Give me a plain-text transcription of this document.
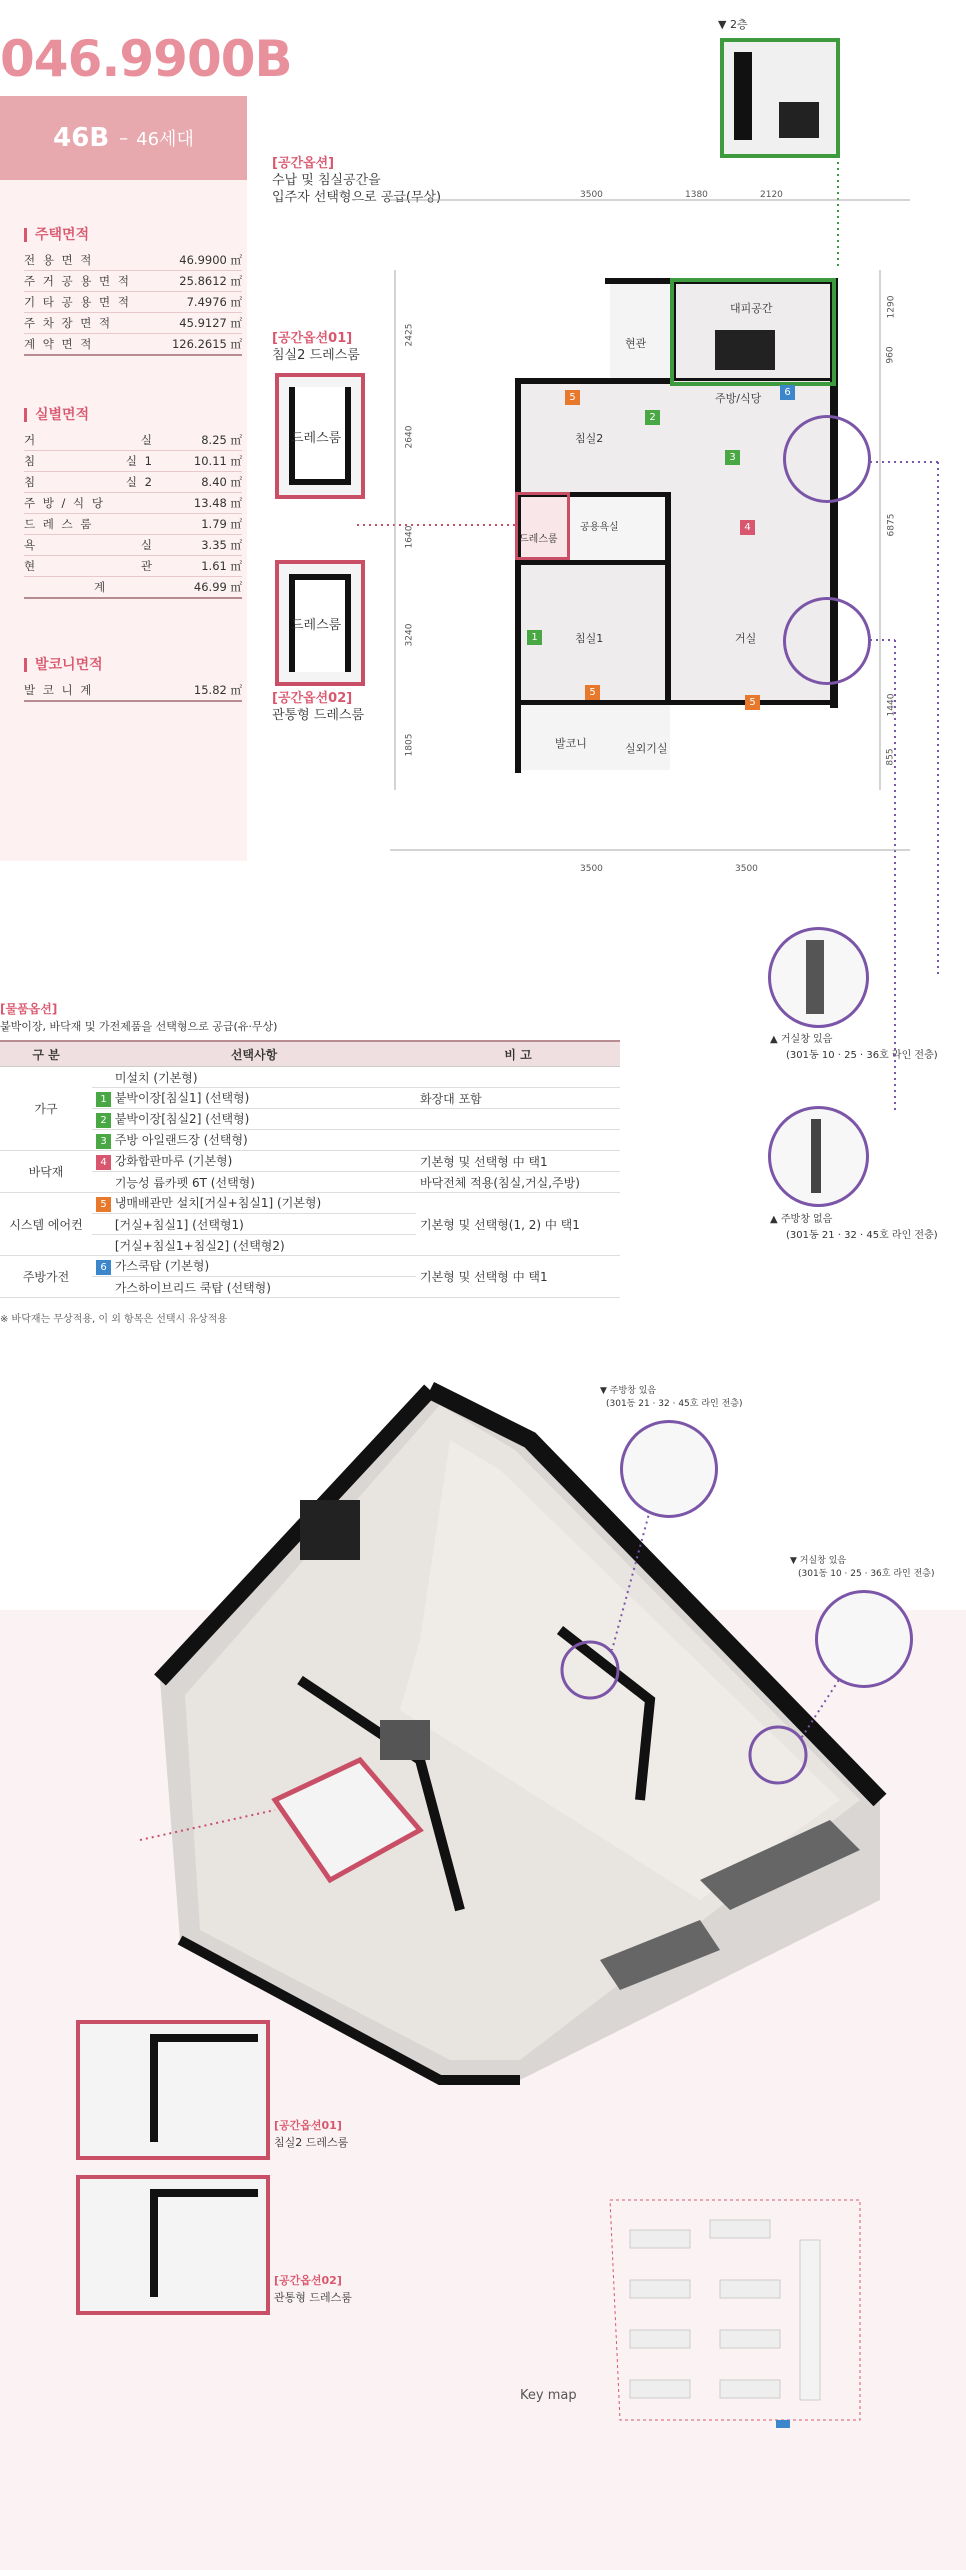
046.9900B
46B – 46세대
주택면적
전 용 면 적	46.9900 ㎡
주 거 공 용 면 적	25.8612 ㎡
기 타 공 용 면 적	7.4976 ㎡
주 차 장 면 적	45.9127 ㎡
계 약 면 적	126.2615 ㎡
실별면적
거 실	8.25 ㎡
침 실 1	10.11 ㎡
침 실 2	8.40 ㎡
주 방 / 식 당	13.48 ㎡
드 레 스 룸	1.79 ㎡
욕 실	3.35 ㎡
현 관	1.61 ㎡
계	46.99 ㎡
발코니면적
발 코 니 계	15.82 ㎡
[공간옵션]
수납 및 침실공간을
입주자 선택형으로 공급(무상)
[공간옵션01]
침실2 드레스룸
드레스룸
드레스룸
[공간옵션02]
관통형 드레스룸
▼ 2층
3500	1380	2120
3500	3500
2425
2640
1640
3240
1805
1290
960
6875
1440
855
현관
대피공간
주방/식당
침실2
공용욕실
드레스룸
침실1	거실
발코니	실외기실
5
2
3
6
4
1
5
5
▲ 거실창 있음
(301동 10 · 25 · 36호 라인 전층)
▲ 주방창 없음
(301동 21 · 32 · 45호 라인 전층)
[물품옵션]
붙박이장, 바닥재 및 가전제품을 선택형으로 공급(유·무상)
구 분	선택사항	비 고
가구	미설치 (기본형)	
	1 붙박이장[침실1] (선택형)	화장대 포함
	2 붙박이장[침실2] (선택형)	
	3 주방 아일랜드장 (선택형)	
바닥재	4 강화합판마루 (기본형)	기본형 및 선택형 中 택1
	기능성 륨카펫 6T (선택형)	바닥전체 적용(침실,거실,주방)
시스템 에어컨	5 냉매배관만 설치[거실+침실1] (기본형)	기본형 및 선택형(1, 2) 中 택1
	[거실+침실1] (선택형1)	
	[거실+침실1+침실2] (선택형2)	
주방가전	6 가스쿡탑 (기본형)	기본형 및 선택형 中 택1
	가스하이브리드 쿡탑 (선택형)	
※ 바닥재는 무상적용, 이 외 항목은 선택시 유상적용
▼ 주방창 있음
(301동 21 · 32 · 45호 라인 전층)
▼ 거실창 있음
(301동 10 · 25 · 36호 라인 전층)
[공간옵션01]
침실2 드레스룸
[공간옵션02]
관통형 드레스룸
Key map
